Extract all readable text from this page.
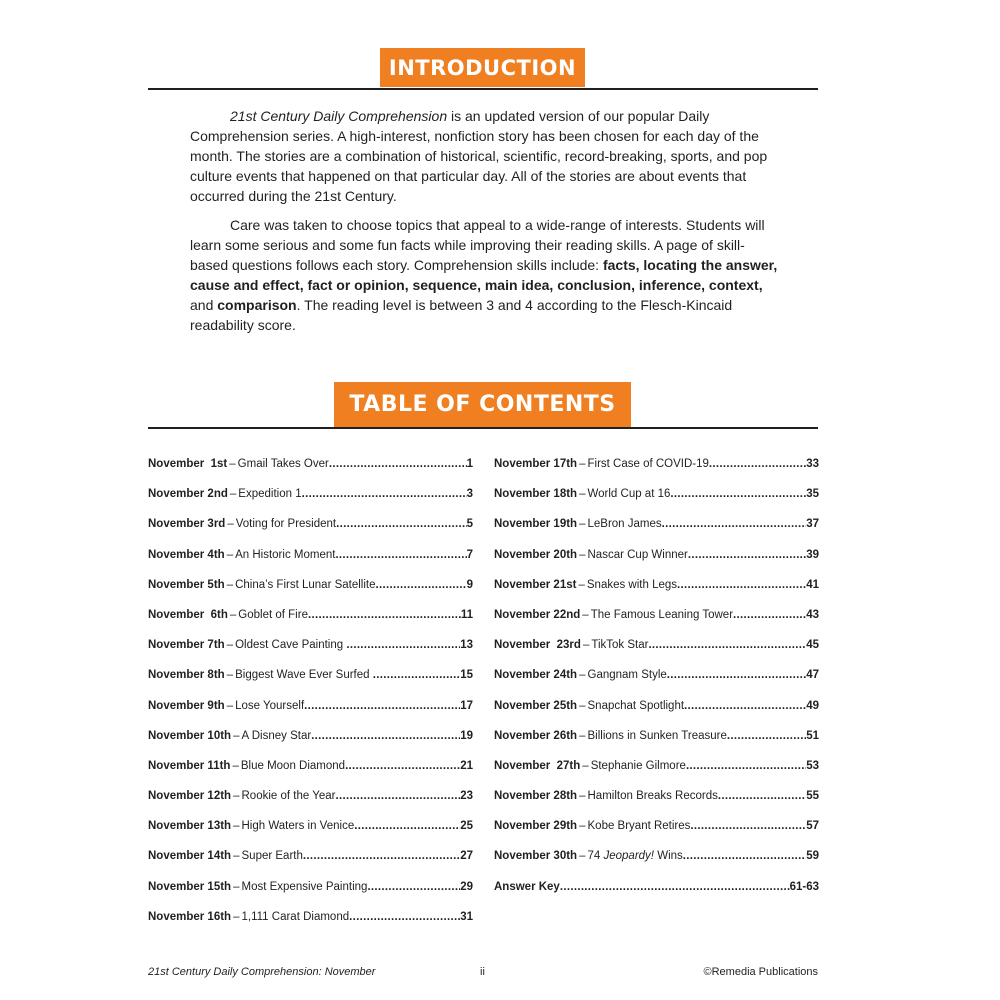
INTRODUCTION

21st Century Daily Comprehension is an updated version of our popular Daily Comprehension series. A high-interest, nonfiction story has been chosen for each day of the month. The stories are a combination of historical, scientific, record-breaking, sports, and pop culture events that happened on that particular day. All of the stories are about events that occurred during the 21st Century.

Care was taken to choose topics that appeal to a wide-range of interests. Students will learn some serious and some fun facts while improving their reading skills. A page of skill-based questions follows each story. Comprehension skills include: facts, locating the answer, cause and effect, fact or opinion, sequence, main idea, conclusion, inference, context, and comparison. The reading level is between 3 and 4 according to the Flesch-Kincaid readability score.

TABLE OF CONTENTS
November  1st – Gmail Takes Over .....	1
November 2nd – Expedition 1 .....	3
November 3rd – Voting for President .....	5
November 4th – An Historic Moment .....	7
November 5th – China’s First Lunar Satellite .....	9
November  6th – Goblet of Fire .....	11
November 7th – Oldest Cave Painting .....	13
November 8th – Biggest Wave Ever Surfed .....	15
November 9th – Lose Yourself .....	17
November 10th – A Disney Star .....	19
November 11th – Blue Moon Diamond .....	21
November 12th – Rookie of the Year .....	23
November 13th – High Waters in Venice .....	25
November 14th – Super Earth .....	27
November 15th – Most Expensive Painting .....	29
November 16th – 1,111 Carat Diamond .....	31
November 17th – First Case of COVID-19 .....	33
November 18th – World Cup at 16 .....	35
November 19th – LeBron James .....	37
November 20th – Nascar Cup Winner .....	39
November 21st – Snakes with Legs .....	41
November 22nd – The Famous Leaning Tower .....	43
November  23rd – TikTok Star .....	45
November 24th – Gangnam Style .....	47
November 25th – Snapchat Spotlight .....	49
November 26th – Billions in Sunken Treasure .....	51
November  27th – Stephanie Gilmore .....	53
November 28th – Hamilton Breaks Records .....	55
November 29th – Kobe Bryant Retires .....	57
November 30th – 74 Jeopardy! Wins .....	59
Answer Key .....	61-63
21st Century Daily Comprehension: November	ii	©Remedia Publications
